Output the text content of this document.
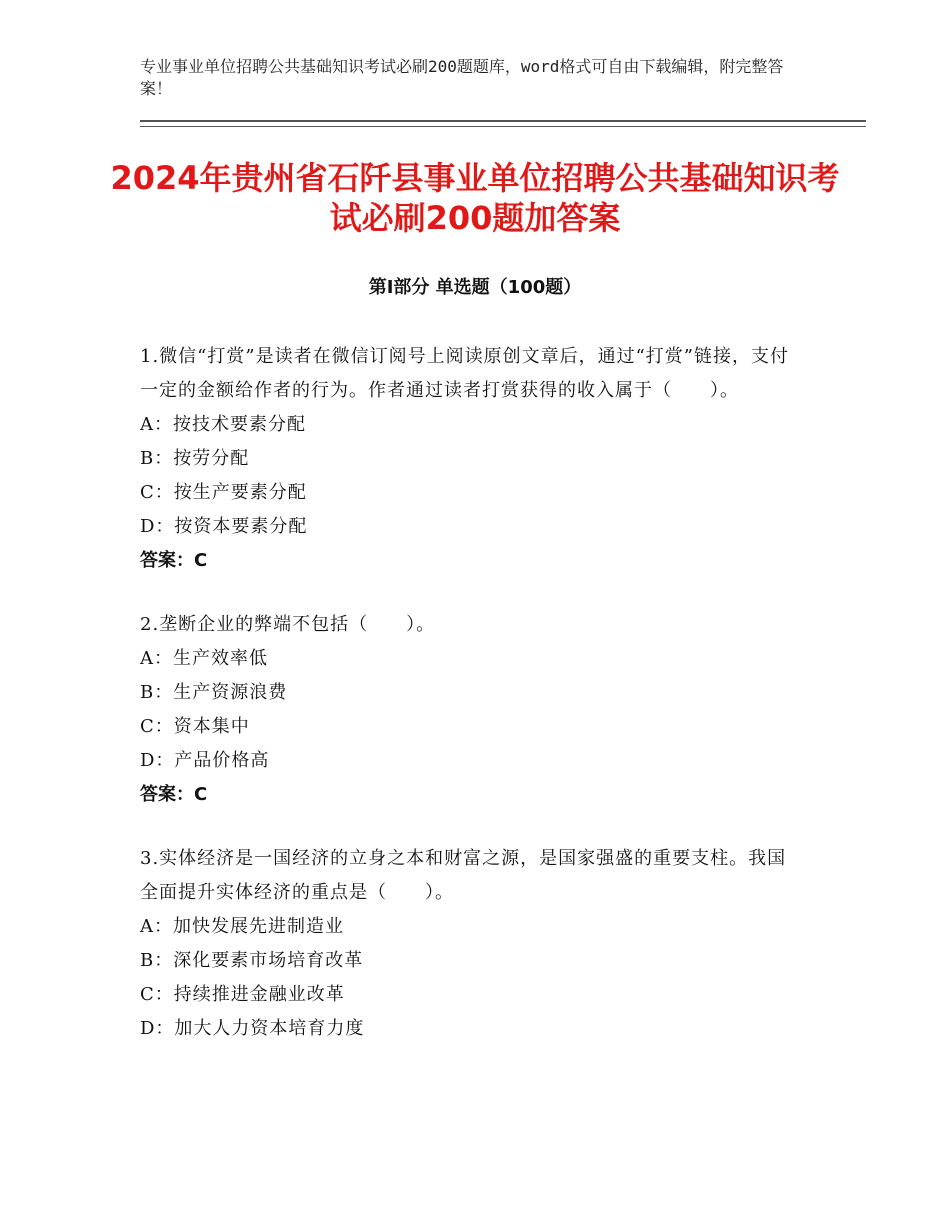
专业事业单位招聘公共基础知识考试必刷200题题库，word格式可自由下载编辑，附完整答案！
2024年贵州省石阡县事业单位招聘公共基础知识考试必刷200题加答案
第Ⅰ部分 单选题（100题）
1.微信“打赏”是读者在微信订阅号上阅读原创文章后，通过“打赏”链接，支付一定的金额给作者的行为。作者通过读者打赏获得的收入属于（　　）。
A：按技术要素分配
B：按劳分配
C：按生产要素分配
D：按资本要素分配
答案：C
2.垄断企业的弊端不包括（　　）。
A：生产效率低
B：生产资源浪费
C：资本集中
D：产品价格高
答案：C
3.实体经济是一国经济的立身之本和财富之源，是国家强盛的重要支柱。我国全面提升实体经济的重点是（　　）。
A：加快发展先进制造业
B：深化要素市场培育改革
C：持续推进金融业改革
D：加大人力资本培育力度
